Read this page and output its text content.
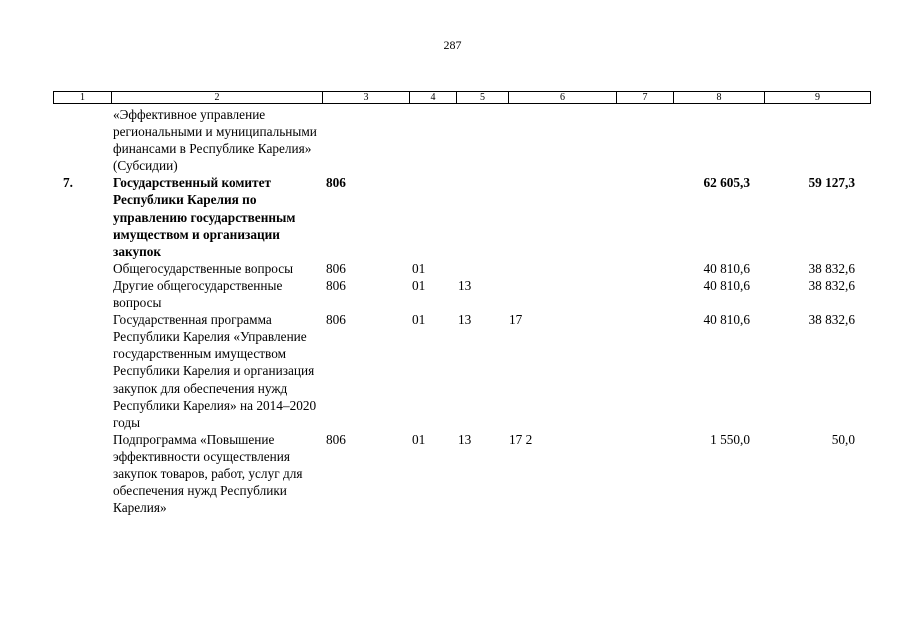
287
1	2	3	4	5	6	7	8	9
	«Эффективное управление региональными и муниципальными финансами в Республике Карелия» (Субсидии)							
7.	Государственный комитет Республики Карелия по управлению государственным имуществом и организации закупок	806					62 605,3	59 127,3
	Общегосударственные вопросы	806	01				40 810,6	38 832,6
	Другие общегосударственные вопросы	806	01	13			40 810,6	38 832,6
	Государственная программа Республики Карелия «Управление государственным имуществом Республики Карелия и организация закупок для обеспечения нужд Республики Карелия» на 2014–2020 годы	806	01	13	17		40 810,6	38 832,6
	Подпрограмма «Повышение эффективности осуществления закупок товаров, работ, услуг для обеспечения нужд Республики Карелия»	806	01	13	17 2		1 550,0	50,0
